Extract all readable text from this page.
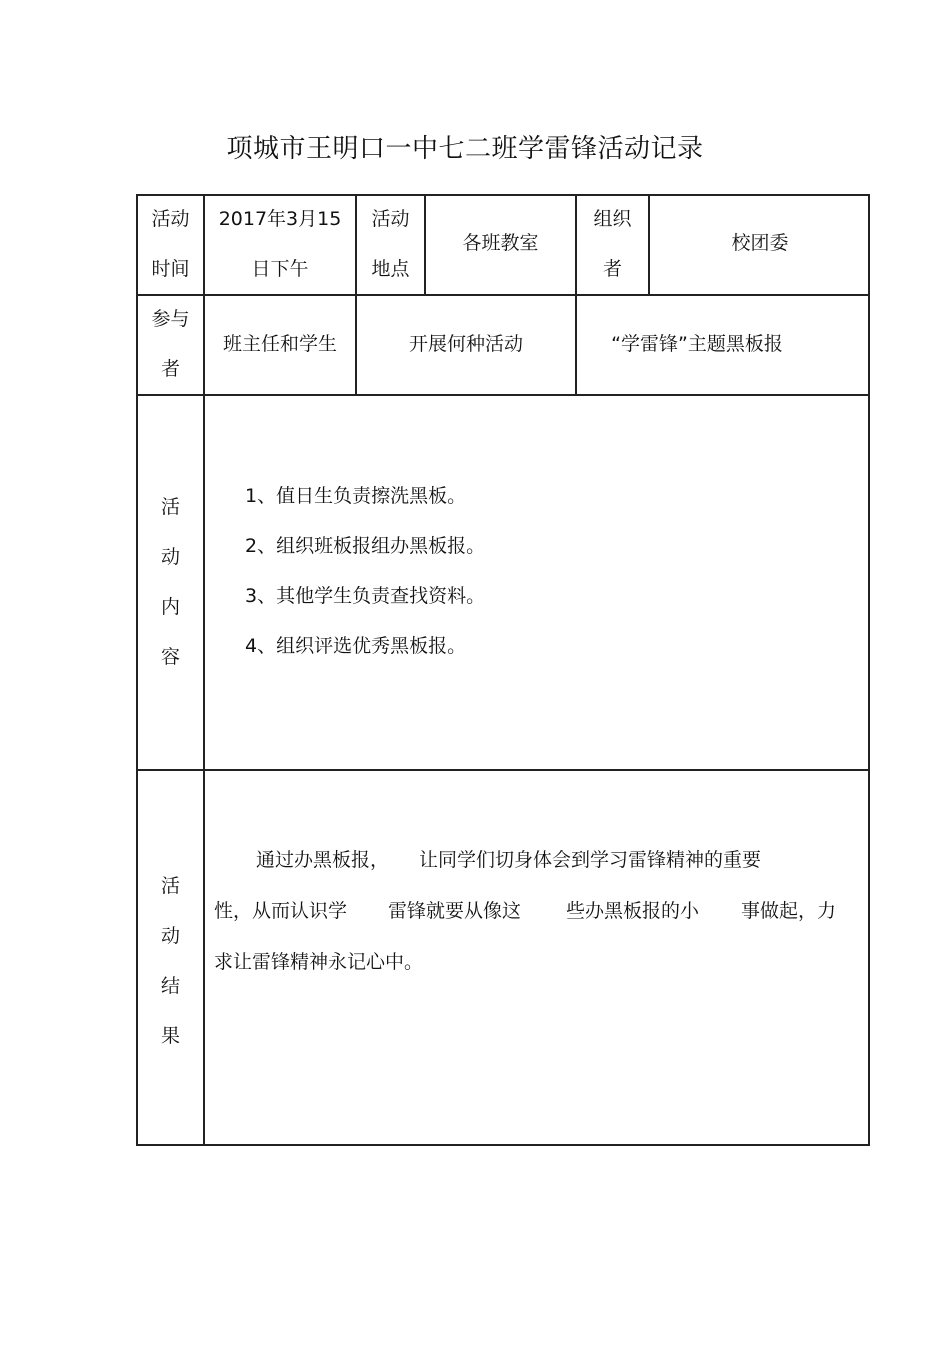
项城市王明口一中七二班学雷锋活动记录
活动
时间
2017年3月15
日下午
活动
地点
各班教室
组织
者
校团委
参与
者
班主任和学生	开展何种活动	“学雷锋”主题黑板报
活
动
内
容
1、值日生负责擦洗黑板。
2、组织班板报组办黑板报。
3、其他学生负责查找资料。
4、组织评选优秀黑板报。
活
动
结
果
通过办黑板报， 让同学们切身体会到学习雷锋精神的重要
性，从而认识学 雷锋就要从像这 些办黑板报的小 事做起，力
求让雷锋精神永记心中。
